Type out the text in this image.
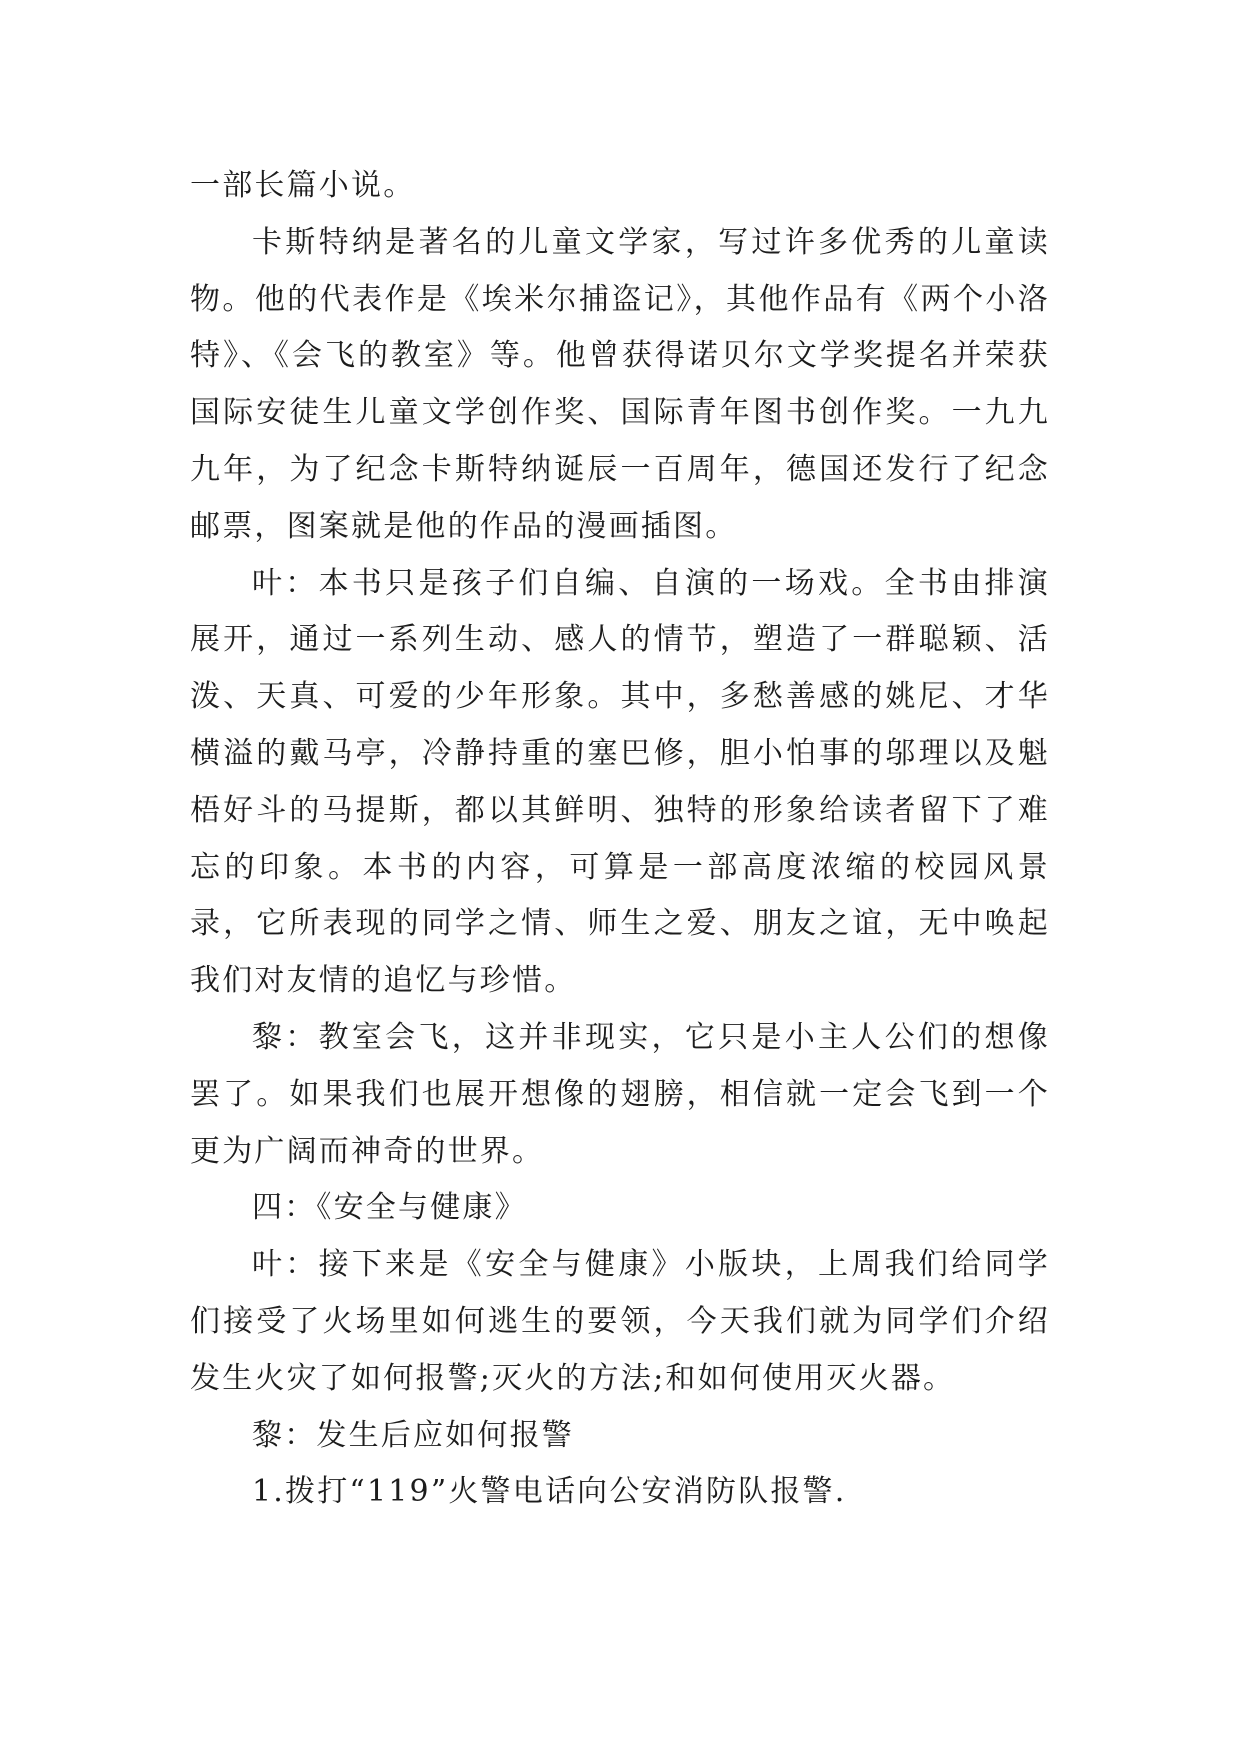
一部长篇小说。

卡斯特纳是著名的儿童文学家，写过许多优秀的儿童读物。他的代表作是《埃米尔捕盗记》，其他作品有《两个小洛特》、《会飞的教室》等。他曾获得诺贝尔文学奖提名并荣获国际安徒生儿童文学创作奖、国际青年图书创作奖。一九九九年，为了纪念卡斯特纳诞辰一百周年，德国还发行了纪念邮票，图案就是他的作品的漫画插图。

叶：本书只是孩子们自编、自演的一场戏。全书由排演展开，通过一系列生动、感人的情节，塑造了一群聪颖、活泼、天真、可爱的少年形象。其中，多愁善感的姚尼、才华横溢的戴马亭，冷静持重的塞巴修，胆小怕事的邬理以及魁梧好斗的马提斯，都以其鲜明、独特的形象给读者留下了难忘的印象。本书的内容，可算是一部高度浓缩的校园风景录，它所表现的同学之情、师生之爱、朋友之谊，无中唤起我们对友情的追忆与珍惜。

黎：教室会飞，这并非现实，它只是小主人公们的想像罢了。如果我们也展开想像的翅膀，相信就一定会飞到一个更为广阔而神奇的世界。

四：《安全与健康》

叶：接下来是《安全与健康》小版块，上周我们给同学们接受了火场里如何逃生的要领，今天我们就为同学们介绍发生火灾了如何报警;灭火的方法;和如何使用灭火器。

黎：发生后应如何报警

1.拨打“119”火警电话向公安消防队报警.
